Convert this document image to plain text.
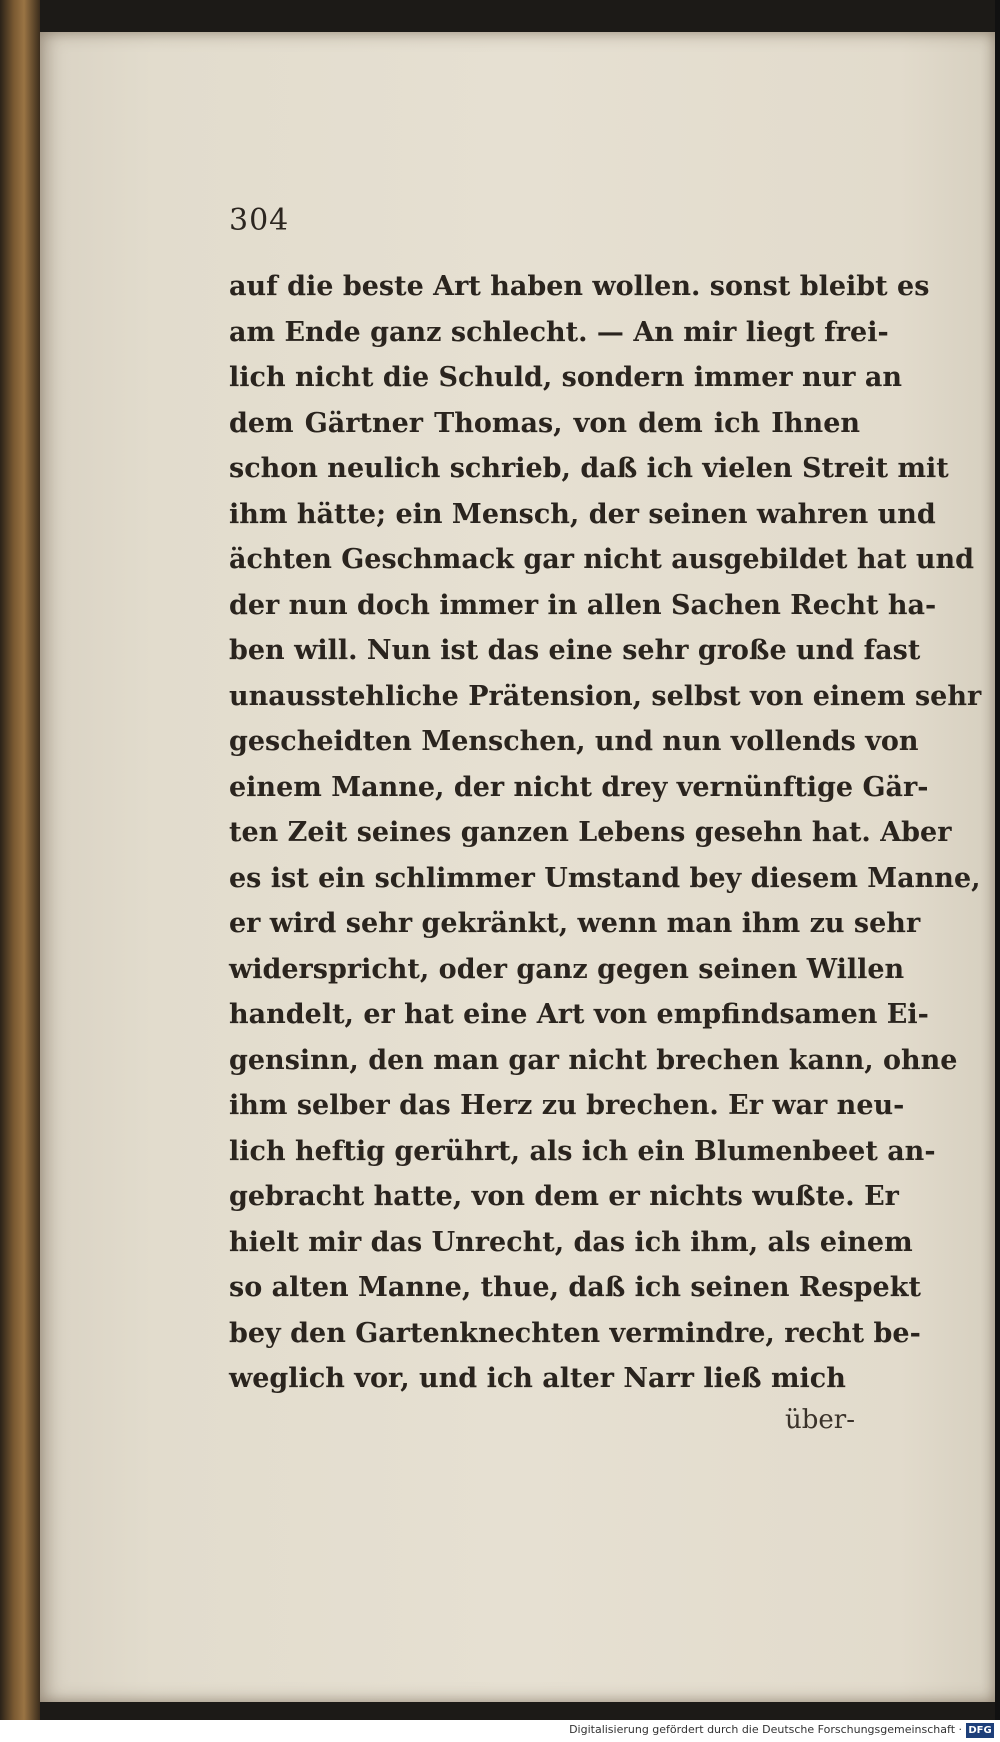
304
auf die beste Art haben wollen. sonst bleibt es
am Ende ganz schlecht. — An mir liegt frei-
lich nicht die Schuld, sondern immer nur an
dem Gärtner Thomas, von dem ich Ihnen
schon neulich schrieb, daß ich vielen Streit mit
ihm hätte; ein Mensch, der seinen wahren und
ächten Geschmack gar nicht ausgebildet hat und
der nun doch immer in allen Sachen Recht ha-
ben will. Nun ist das eine sehr große und fast
unausstehliche Prätension, selbst von einem sehr
gescheidten Menschen, und nun vollends von
einem Manne, der nicht drey vernünftige Gär-
ten Zeit seines ganzen Lebens gesehn hat. Aber
es ist ein schlimmer Umstand bey diesem Manne,
er wird sehr gekränkt, wenn man ihm zu sehr
widerspricht, oder ganz gegen seinen Willen
handelt, er hat eine Art von empfindsamen Ei-
gensinn, den man gar nicht brechen kann, ohne
ihm selber das Herz zu brechen. Er war neu-
lich heftig gerührt, als ich ein Blumenbeet an-
gebracht hatte, von dem er nichts wußte. Er
hielt mir das Unrecht, das ich ihm, als einem
so alten Manne, thue, daß ich seinen Respekt
bey den Gartenknechten vermindre, recht be-
weglich vor, und ich alter Narr ließ mich
über-
Digitalisierung gefördert durch die Deutsche Forschungsgemeinschaft · DFG
